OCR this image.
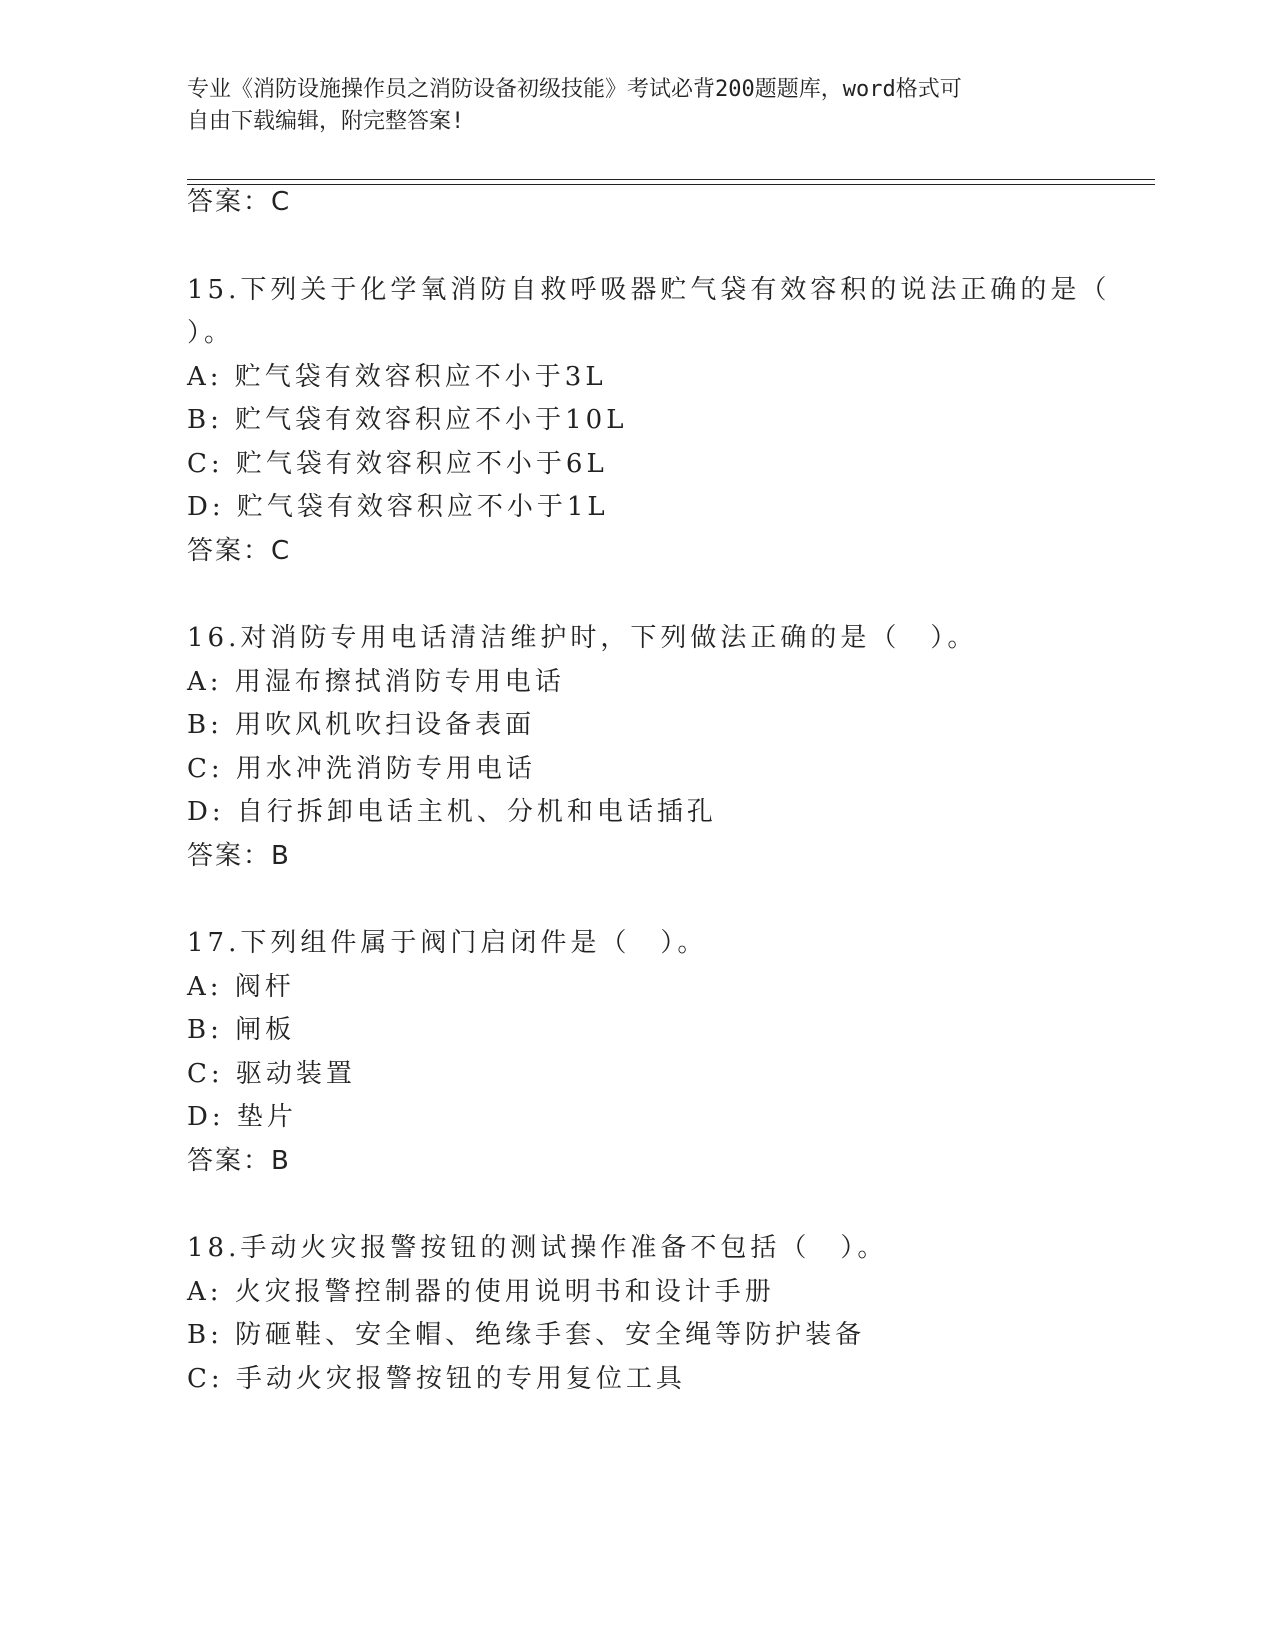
专业《消防设施操作员之消防设备初级技能》考试必背200题题库，word格式可
自由下载编辑，附完整答案!
答案：C
15.下列关于化学氧消防自救呼吸器贮气袋有效容积的说法正确的是（
）。
A: 贮气袋有效容积应不小于3L
B: 贮气袋有效容积应不小于10L
C: 贮气袋有效容积应不小于6L
D: 贮气袋有效容积应不小于1L
答案：C
16.对消防专用电话清洁维护时，下列做法正确的是（　）。
A: 用湿布擦拭消防专用电话
B: 用吹风机吹扫设备表面
C: 用水冲洗消防专用电话
D: 自行拆卸电话主机、分机和电话插孔
答案：B
17.下列组件属于阀门启闭件是（　）。
A: 阀杆
B: 闸板
C: 驱动装置
D: 垫片
答案：B
18.手动火灾报警按钮的测试操作准备不包括（　）。
A: 火灾报警控制器的使用说明书和设计手册
B: 防砸鞋、安全帽、绝缘手套、安全绳等防护装备
C: 手动火灾报警按钮的专用复位工具
